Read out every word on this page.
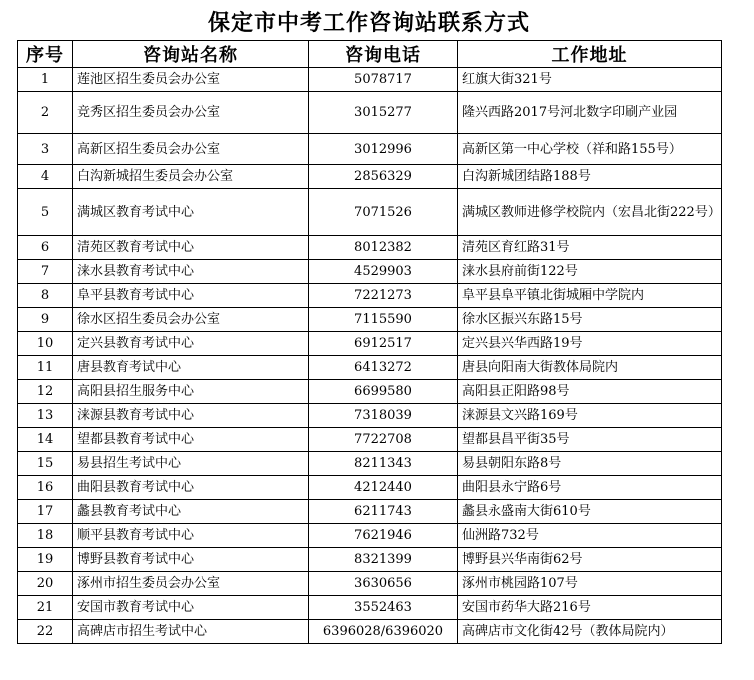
保定市中考工作咨询站联系方式
序号	咨询站名称	咨询电话	工作地址
1	莲池区招生委员会办公室	5078717	红旗大街321号
2	竞秀区招生委员会办公室	3015277	隆兴西路2017号河北数字印刷产业园
3	高新区招生委员会办公室	3012996	高新区第一中心学校（祥和路155号）
4	白沟新城招生委员会办公室	2856329	白沟新城团结路188号
5	满城区教育考试中心	7071526	满城区教师进修学校院内（宏昌北街222号）
6	清苑区教育考试中心	8012382	清苑区育红路31号
7	涞水县教育考试中心	4529903	涞水县府前街122号
8	阜平县教育考试中心	7221273	阜平县阜平镇北街城厢中学院内
9	徐水区招生委员会办公室	7115590	徐水区振兴东路15号
10	定兴县教育考试中心	6912517	定兴县兴华西路19号
11	唐县教育考试中心	6413272	唐县向阳南大街教体局院内
12	高阳县招生服务中心	6699580	高阳县正阳路98号
13	涞源县教育考试中心	7318039	涞源县文兴路169号
14	望都县教育考试中心	7722708	望都县昌平街35号
15	易县招生考试中心	8211343	易县朝阳东路8号
16	曲阳县教育考试中心	4212440	曲阳县永宁路6号
17	蠡县教育考试中心	6211743	蠡县永盛南大街610号
18	顺平县教育考试中心	7621946	仙洲路732号
19	博野县教育考试中心	8321399	博野县兴华南街62号
20	涿州市招生委员会办公室	3630656	涿州市桃园路107号
21	安国市教育考试中心	3552463	安国市药华大路216号
22	高碑店市招生考试中心	6396028/6396020	高碑店市文化街42号（教体局院内）
